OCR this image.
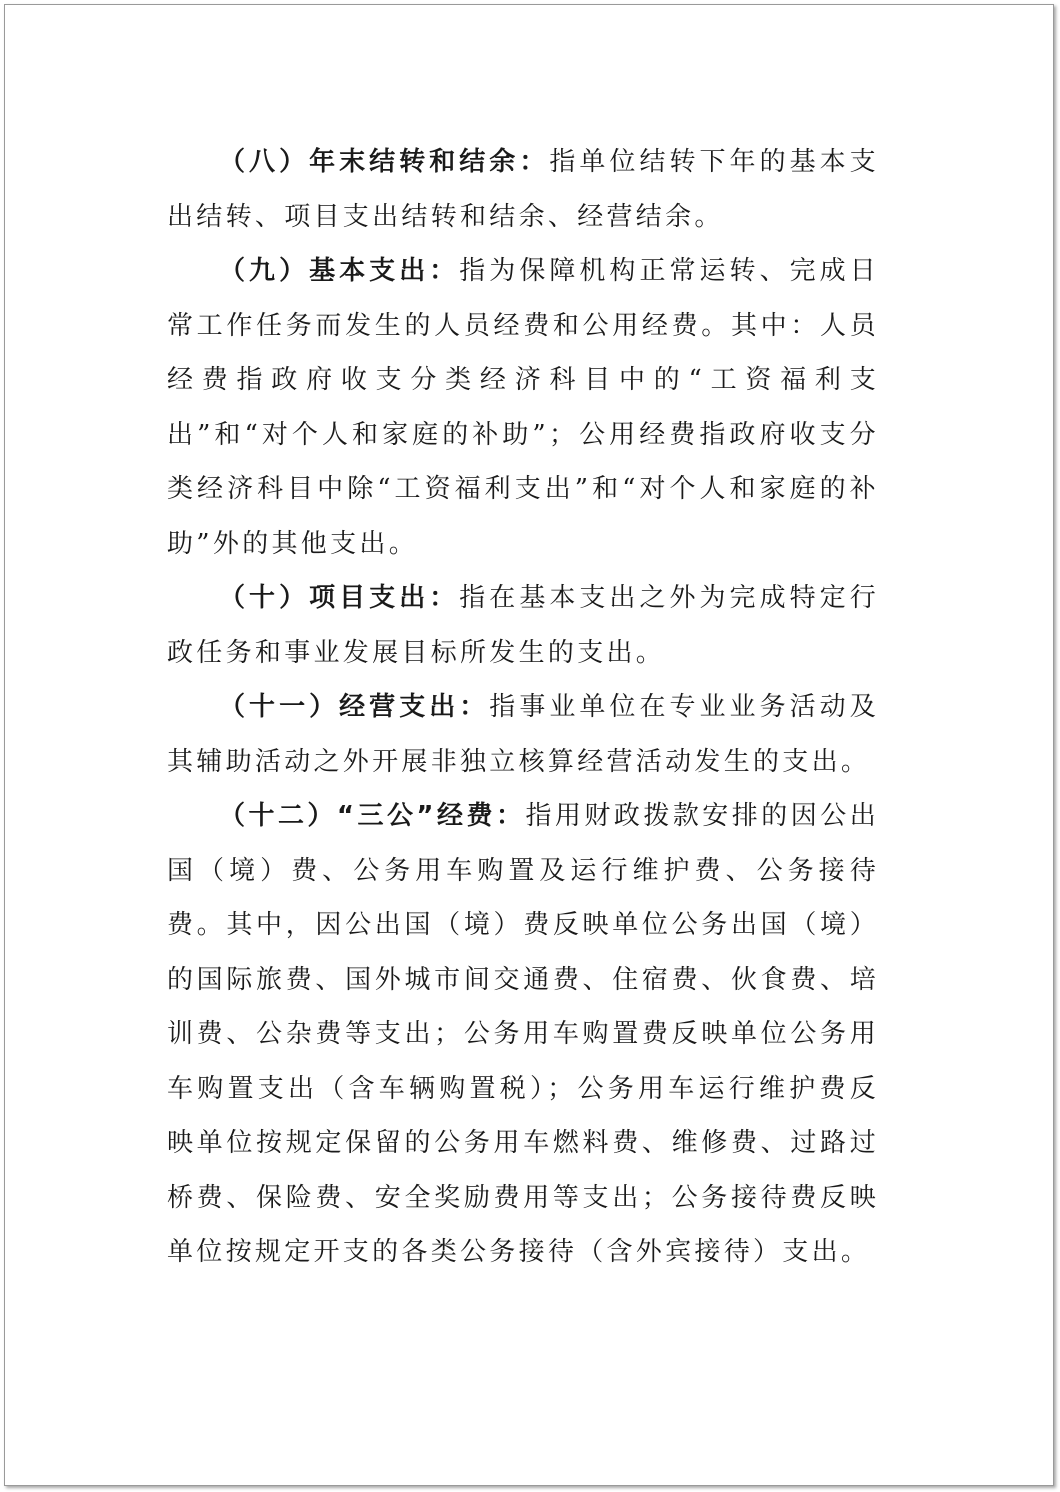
（八）年末结转和结余：指单位结转下年的基本支出结转、项目支出结转和结余、经营结余。

（九）基本支出：指为保障机构正常运转、完成日常工作任务而发生的人员经费和公用经费。其中：人员经费指政府收支分类经济科目中的“工资福利支出”和“对个人和家庭的补助”；公用经费指政府收支分类经济科目中除“工资福利支出”和“对个人和家庭的补助”外的其他支出。

（十）项目支出：指在基本支出之外为完成特定行政任务和事业发展目标所发生的支出。

（十一）经营支出：指事业单位在专业业务活动及其辅助活动之外开展非独立核算经营活动发生的支出。

（十二）“三公”经费：指用财政拨款安排的因公出国（境）费、公务用车购置及运行维护费、公务接待费。其中，因公出国（境）费反映单位公务出国（境）的国际旅费、国外城市间交通费、住宿费、伙食费、培训费、公杂费等支出；公务用车购置费反映单位公务用车购置支出（含车辆购置税）；公务用车运行维护费反映单位按规定保留的公务用车燃料费、维修费、过路过桥费、保险费、安全奖励费用等支出；公务接待费反映单位按规定开支的各类公务接待（含外宾接待）支出。
